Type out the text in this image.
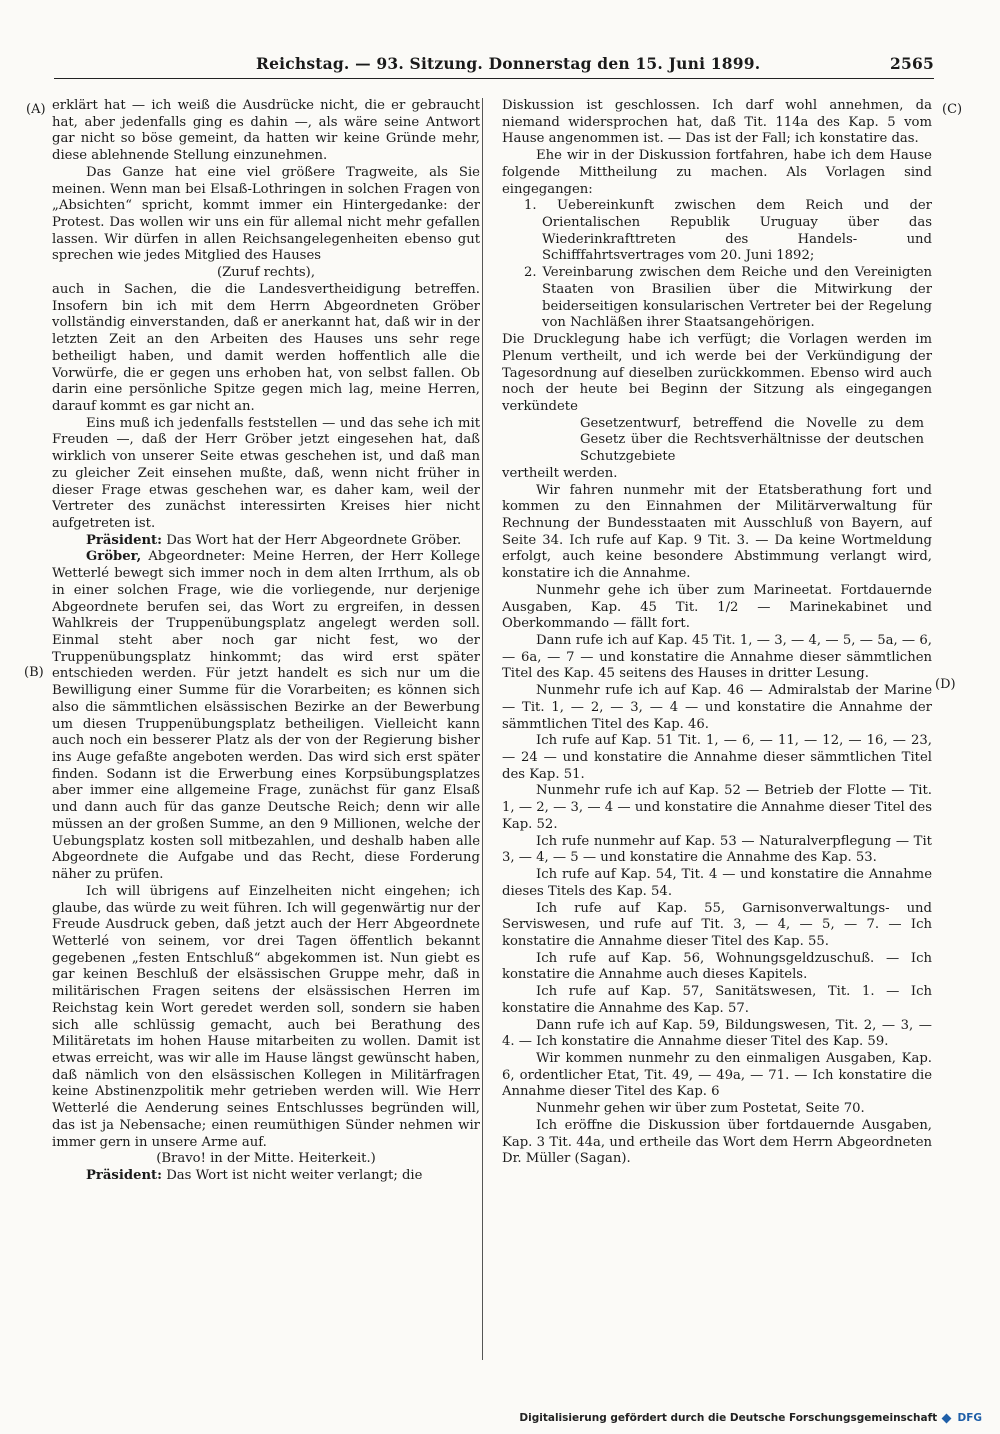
Reichstag. — 93. Sitzung. Donnerstag den 15. Juni 1899.	2565
(A)
(B)
(C)
(D)

erklärt hat — ich weiß die Ausdrücke nicht, die er gebraucht hat, aber jedenfalls ging es dahin —, als wäre seine Antwort gar nicht so böse gemeint, da hatten wir keine Gründe mehr, diese ablehnende Stellung einzunehmen.

Das Ganze hat eine viel größere Tragweite, als Sie meinen. Wenn man bei Elsaß-Lothringen in solchen Fragen von „Absichten“ spricht, kommt immer ein Hintergedanke: der Protest. Das wollen wir uns ein für allemal nicht mehr gefallen lassen. Wir dürfen in allen Reichsangelegenheiten ebenso gut sprechen wie jedes Mitglied des Hauses

(Zuruf rechts),

auch in Sachen, die die Landesvertheidigung betreffen. Insofern bin ich mit dem Herrn Abgeordneten Gröber vollständig einverstanden, daß er anerkannt hat, daß wir in der letzten Zeit an den Arbeiten des Hauses uns sehr rege betheiligt haben, und damit werden hoffentlich alle die Vorwürfe, die er gegen uns erhoben hat, von selbst fallen. Ob darin eine persönliche Spitze gegen mich lag, meine Herren, darauf kommt es gar nicht an.

Eins muß ich jedenfalls feststellen — und das sehe ich mit Freuden —, daß der Herr Gröber jetzt eingesehen hat, daß wirklich von unserer Seite etwas geschehen ist, und daß man zu gleicher Zeit einsehen mußte, daß, wenn nicht früher in dieser Frage etwas geschehen war, es daher kam, weil der Vertreter des zunächst interessirten Kreises hier nicht aufgetreten ist.

Präsident: Das Wort hat der Herr Abgeordnete Gröber.

Gröber, Abgeordneter: Meine Herren, der Herr Kollege Wetterlé bewegt sich immer noch in dem alten Irrthum, als ob in einer solchen Frage, wie die vorliegende, nur derjenige Abgeordnete berufen sei, das Wort zu ergreifen, in dessen Wahlkreis der Truppenübungsplatz angelegt werden soll. Einmal steht aber noch gar nicht fest, wo der Truppenübungsplatz hinkommt; das wird erst später entschieden werden. Für jetzt handelt es sich nur um die Bewilligung einer Summe für die Vorarbeiten; es können sich also die sämmtlichen elsässischen Bezirke an der Bewerbung um diesen Truppenübungsplatz betheiligen. Vielleicht kann auch noch ein besserer Platz als der von der Regierung bisher ins Auge gefaßte angeboten werden. Das wird sich erst später finden. Sodann ist die Erwerbung eines Korpsübungsplatzes aber immer eine allgemeine Frage, zunächst für ganz Elsaß und dann auch für das ganze Deutsche Reich; denn wir alle müssen an der großen Summe, an den 9 Millionen, welche der Uebungsplatz kosten soll mitbezahlen, und deshalb haben alle Abgeordnete die Aufgabe und das Recht, diese Forderung näher zu prüfen.

Ich will übrigens auf Einzelheiten nicht eingehen; ich glaube, das würde zu weit führen. Ich will gegenwärtig nur der Freude Ausdruck geben, daß jetzt auch der Herr Abgeordnete Wetterlé von seinem, vor drei Tagen öffentlich bekannt gegebenen „festen Entschluß“ abgekommen ist. Nun giebt es gar keinen Beschluß der elsässischen Gruppe mehr, daß in militärischen Fragen seitens der elsässischen Herren im Reichstag kein Wort geredet werden soll, sondern sie haben sich alle schlüssig gemacht, auch bei Berathung des Militäretats im hohen Hause mitarbeiten zu wollen. Damit ist etwas erreicht, was wir alle im Hause längst gewünscht haben, daß nämlich von den elsässischen Kollegen in Militärfragen keine Abstinenzpolitik mehr getrieben werden will. Wie Herr Wetterlé die Aenderung seines Entschlusses begründen will, das ist ja Nebensache; einen reumüthigen Sünder nehmen wir immer gern in unsere Arme auf.

(Bravo! in der Mitte. Heiterkeit.)

Präsident: Das Wort ist nicht weiter verlangt; die

Diskussion ist geschlossen. Ich darf wohl annehmen, da niemand widersprochen hat, daß Tit. 114a des Kap. 5 vom Hause angenommen ist. — Das ist der Fall; ich konstatire das.

Ehe wir in der Diskussion fortfahren, habe ich dem Hause folgende Mittheilung zu machen. Als Vorlagen sind eingegangen:

1. Uebereinkunft zwischen dem Reich und der Orientalischen Republik Uruguay über das Wiederinkrafttreten des Handels- und Schifffahrtsvertrages vom 20. Juni 1892;

2. Vereinbarung zwischen dem Reiche und den Vereinigten Staaten von Brasilien über die Mitwirkung der beiderseitigen konsularischen Vertreter bei der Regelung von Nachläßen ihrer Staatsangehörigen.

Die Drucklegung habe ich verfügt; die Vorlagen werden im Plenum vertheilt, und ich werde bei der Verkündigung der Tagesordnung auf dieselben zurückkommen. Ebenso wird auch noch der heute bei Beginn der Sitzung als eingegangen verkündete

Gesetzentwurf, betreffend die Novelle zu dem Gesetz über die Rechtsverhältnisse der deutschen Schutzgebiete

vertheilt werden.

Wir fahren nunmehr mit der Etatsberathung fort und kommen zu den Einnahmen der Militärverwaltung für Rechnung der Bundesstaaten mit Ausschluß von Bayern, auf Seite 34. Ich rufe auf Kap. 9 Tit. 3. — Da keine Wortmeldung erfolgt, auch keine besondere Abstimmung verlangt wird, konstatire ich die Annahme.

Nunmehr gehe ich über zum Marineetat. Fortdauernde Ausgaben, Kap. 45 Tit. 1/2 — Marinekabinet und Oberkommando — fällt fort.

Dann rufe ich auf Kap. 45 Tit. 1, — 3, — 4, — 5, — 5a, — 6, — 6a, — 7 — und konstatire die Annahme dieser sämmtlichen Titel des Kap. 45 seitens des Hauses in dritter Lesung.

Nunmehr rufe ich auf Kap. 46 — Admiralstab der Marine — Tit. 1, — 2, — 3, — 4 — und konstatire die Annahme der sämmtlichen Titel des Kap. 46.

Ich rufe auf Kap. 51 Tit. 1, — 6, — 11, — 12, — 16, — 23, — 24 — und konstatire die Annahme dieser sämmtlichen Titel des Kap. 51.

Nunmehr rufe ich auf Kap. 52 — Betrieb der Flotte — Tit. 1, — 2, — 3, — 4 — und konstatire die Annahme dieser Titel des Kap. 52.

Ich rufe nunmehr auf Kap. 53 — Naturalverpflegung — Tit 3, — 4, — 5 — und konstatire die Annahme des Kap. 53.

Ich rufe auf Kap. 54, Tit. 4 — und konstatire die Annahme dieses Titels des Kap. 54.

Ich rufe auf Kap. 55, Garnisonverwaltungs- und Serviswesen, und rufe auf Tit. 3, — 4, — 5, — 7. — Ich konstatire die Annahme dieser Titel des Kap. 55.

Ich rufe auf Kap. 56, Wohnungsgeldzuschuß. — Ich konstatire die Annahme auch dieses Kapitels.

Ich rufe auf Kap. 57, Sanitätswesen, Tit. 1. — Ich konstatire die Annahme des Kap. 57.

Dann rufe ich auf Kap. 59, Bildungswesen, Tit. 2, — 3, — 4. — Ich konstatire die Annahme dieser Titel des Kap. 59.

Wir kommen nunmehr zu den einmaligen Ausgaben, Kap. 6, ordentlicher Etat, Tit. 49, — 49a, — 71. — Ich konstatire die Annahme dieser Titel des Kap. 6

Nunmehr gehen wir über zum Postetat, Seite 70.

Ich eröffne die Diskussion über fortdauernde Ausgaben, Kap. 3 Tit. 44a, und ertheile das Wort dem Herrn Abgeordneten Dr. Müller (Sagan).

Digitalisierung gefördert durch die Deutsche Forschungsgemeinschaft DFG
